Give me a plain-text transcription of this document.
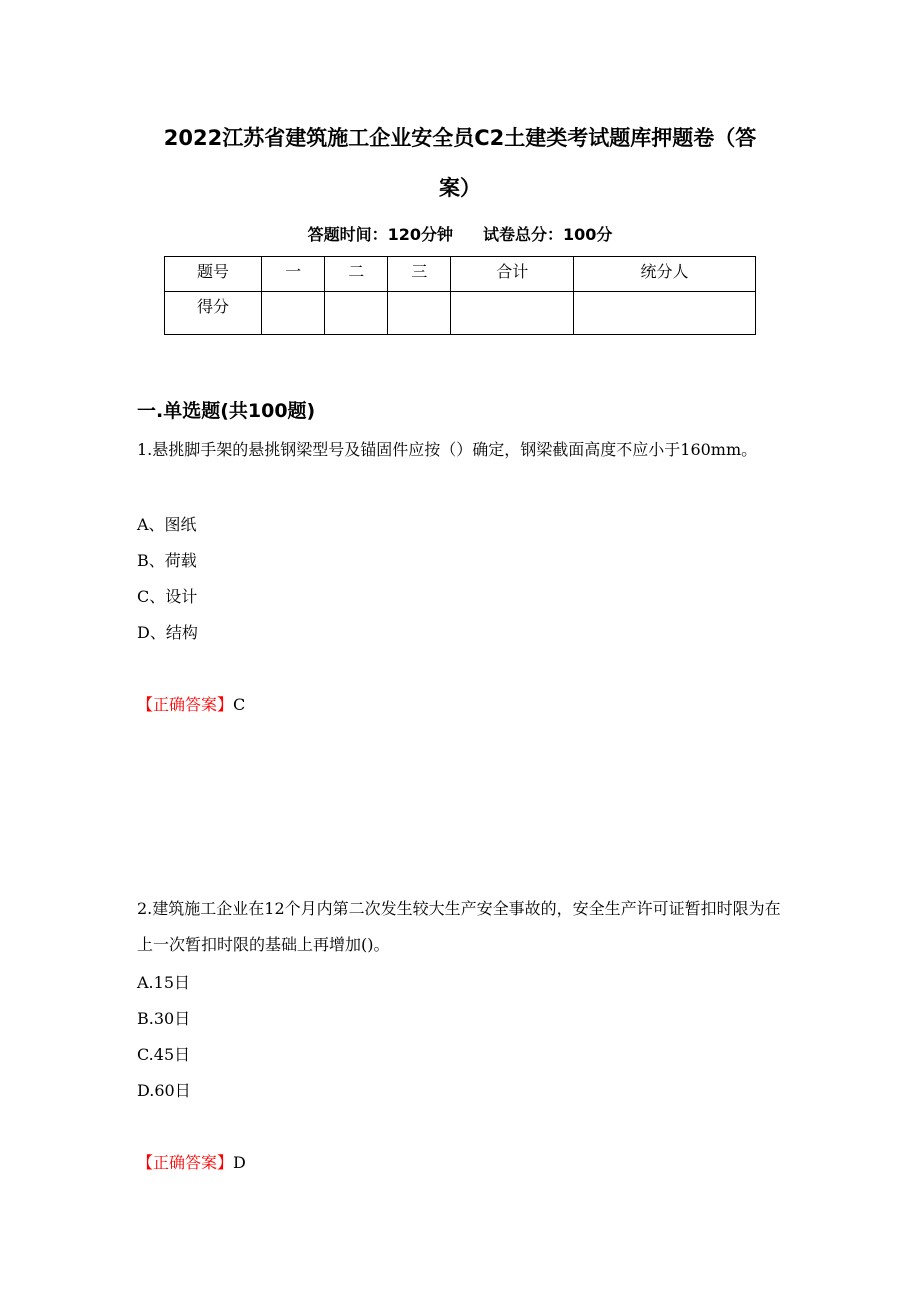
2022江苏省建筑施工企业安全员C2土建类考试题库押题卷（答
案）
答题时间：120分钟 试卷总分：100分
题号	一	二	三	合计	统分人
得分					
一.单选题(共100题)
1.悬挑脚手架的悬挑钢梁型号及锚固件应按（）确定，钢梁截面高度不应小于160mm。
A、图纸
B、荷载
C、设计
D、结构
【正确答案】C
2.建筑施工企业在12个月内第二次发生较大生产安全事故的，安全生产许可证暂扣时限为在上一次暂扣时限的基础上再增加()。
A.15日
B.30日
C.45日
D.60日
【正确答案】D
